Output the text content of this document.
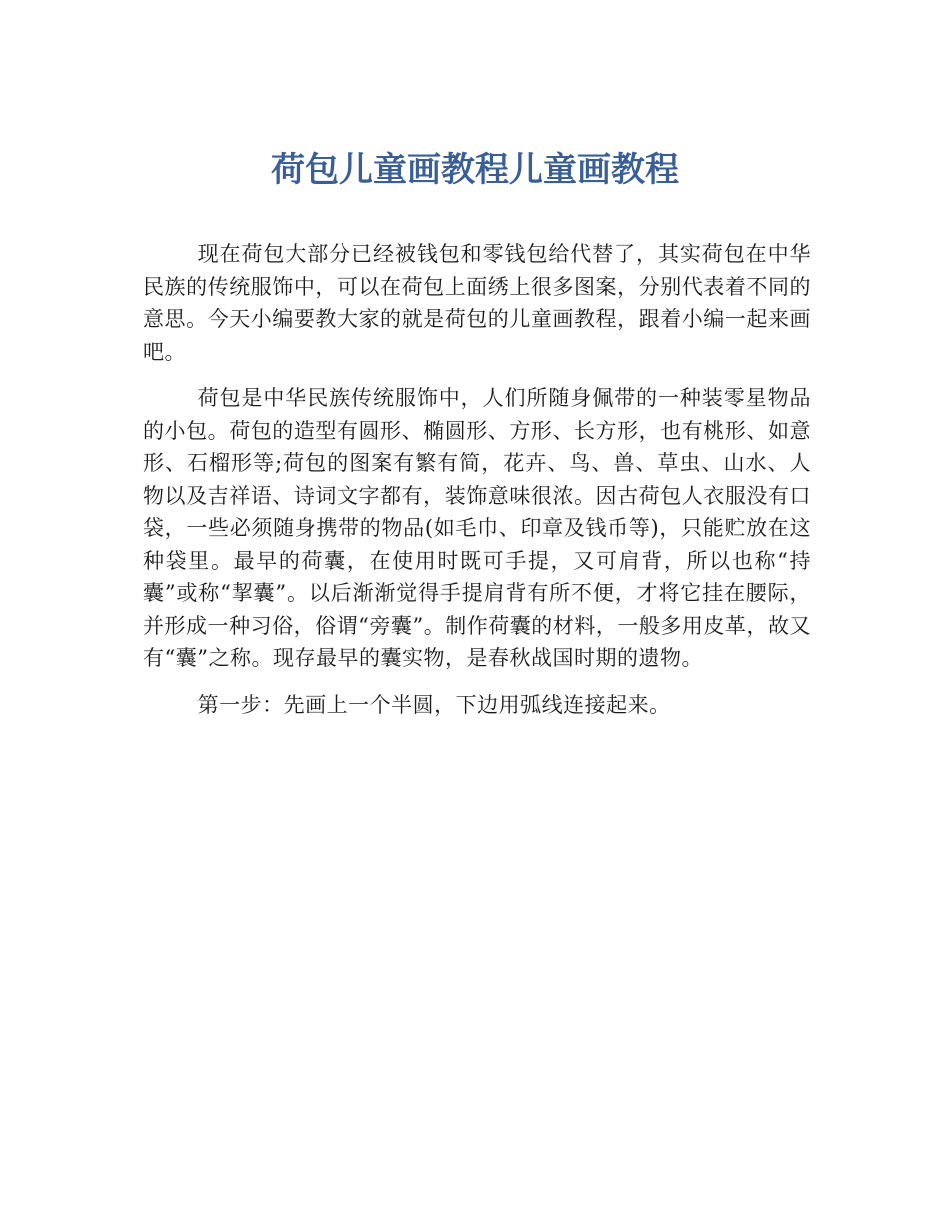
荷包儿童画教程儿童画教程

现在荷包大部分已经被钱包和零钱包给代替了，其实荷包在中华民族的传统服饰中，可以在荷包上面绣上很多图案，分别代表着不同的意思。今天小编要教大家的就是荷包的儿童画教程，跟着小编一起来画吧。

荷包是中华民族传统服饰中，人们所随身佩带的一种装零星物品的小包。荷包的造型有圆形、椭圆形、方形、长方形，也有桃形、如意形、石榴形等;荷包的图案有繁有简，花卉、鸟、兽、草虫、山水、人物以及吉祥语、诗词文字都有，装饰意味很浓。因古荷包人衣服没有口袋，一些必须随身携带的物品(如毛巾、印章及钱币等)，只能贮放在这种袋里。最早的荷囊，在使用时既可手提，又可肩背，所以也称“持囊”或称“挈囊”。以后渐渐觉得手提肩背有所不便，才将它挂在腰际，并形成一种习俗，俗谓“旁囊”。制作荷囊的材料，一般多用皮革，故又有“囊”之称。现存最早的囊实物，是春秋战国时期的遗物。

第一步：先画上一个半圆，下边用弧线连接起来。
